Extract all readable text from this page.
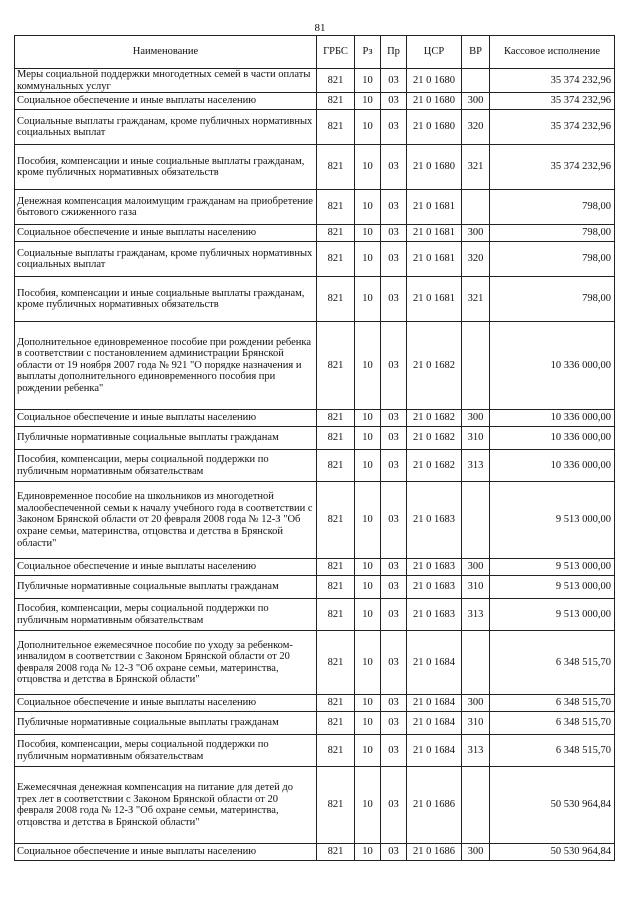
81
Наименование	ГРБС	Рз	Пр	ЦСР	ВР	Кассовое исполнение
Меры социальной поддержки многодетных семей в части оплаты коммунальных услуг	821	10	03	21 0 1680		35 374 232,96
Социальное обеспечение и иные выплаты населению	821	10	03	21 0 1680	300	35 374 232,96
Социальные выплаты гражданам, кроме публичных нормативных социальных выплат	821	10	03	21 0 1680	320	35 374 232,96
Пособия, компенсации и иные социальные выплаты гражданам, кроме публичных нормативных обязательств	821	10	03	21 0 1680	321	35 374 232,96
Денежная компенсация малоимущим гражданам на приобретение бытового сжиженного газа	821	10	03	21 0 1681		798,00
Социальное обеспечение и иные выплаты населению	821	10	03	21 0 1681	300	798,00
Социальные выплаты гражданам, кроме публичных нормативных социальных выплат	821	10	03	21 0 1681	320	798,00
Пособия, компенсации и иные социальные выплаты гражданам, кроме публичных нормативных обязательств	821	10	03	21 0 1681	321	798,00
Дополнительное единовременное пособие при рождении ребенка в соответствии с постановлением администрации Брянской области от 19 ноября 2007 года № 921 "О порядке назначения и выплаты дополнительного единовременного пособия при рождении ребенка"	821	10	03	21 0 1682		10 336 000,00
Социальное обеспечение и иные выплаты населению	821	10	03	21 0 1682	300	10 336 000,00
Публичные нормативные социальные выплаты гражданам	821	10	03	21 0 1682	310	10 336 000,00
Пособия, компенсации, меры социальной поддержки по публичным нормативным обязательствам	821	10	03	21 0 1682	313	10 336 000,00
Единовременное пособие на школьников из многодетной малообеспеченной семьи к началу учебного года в соответствии с Законом Брянской области от 20 февраля 2008 года № 12-З "Об охране семьи, материнства, отцовства и детства в Брянской области"	821	10	03	21 0 1683		9 513 000,00
Социальное обеспечение и иные выплаты населению	821	10	03	21 0 1683	300	9 513 000,00
Публичные нормативные социальные выплаты гражданам	821	10	03	21 0 1683	310	9 513 000,00
Пособия, компенсации, меры социальной поддержки по публичным нормативным обязательствам	821	10	03	21 0 1683	313	9 513 000,00
Дополнительное ежемесячное пособие по уходу за ребенком-инвалидом в соответствии с Законом Брянской области от 20 февраля 2008 года № 12-З "Об охране семьи, материнства, отцовства и детства в Брянской области"	821	10	03	21 0 1684		6 348 515,70
Социальное обеспечение и иные выплаты населению	821	10	03	21 0 1684	300	6 348 515,70
Публичные нормативные социальные выплаты гражданам	821	10	03	21 0 1684	310	6 348 515,70
Пособия, компенсации, меры социальной поддержки по публичным нормативным обязательствам	821	10	03	21 0 1684	313	6 348 515,70
Ежемесячная денежная компенсация на питание для детей до трех лет в соответствии с Законом Брянской области от 20 февраля 2008 года № 12-З "Об охране семьи, материнства, отцовства и детства в Брянской области"	821	10	03	21 0 1686		50 530 964,84
Социальное обеспечение и иные выплаты населению	821	10	03	21 0 1686	300	50 530 964,84
